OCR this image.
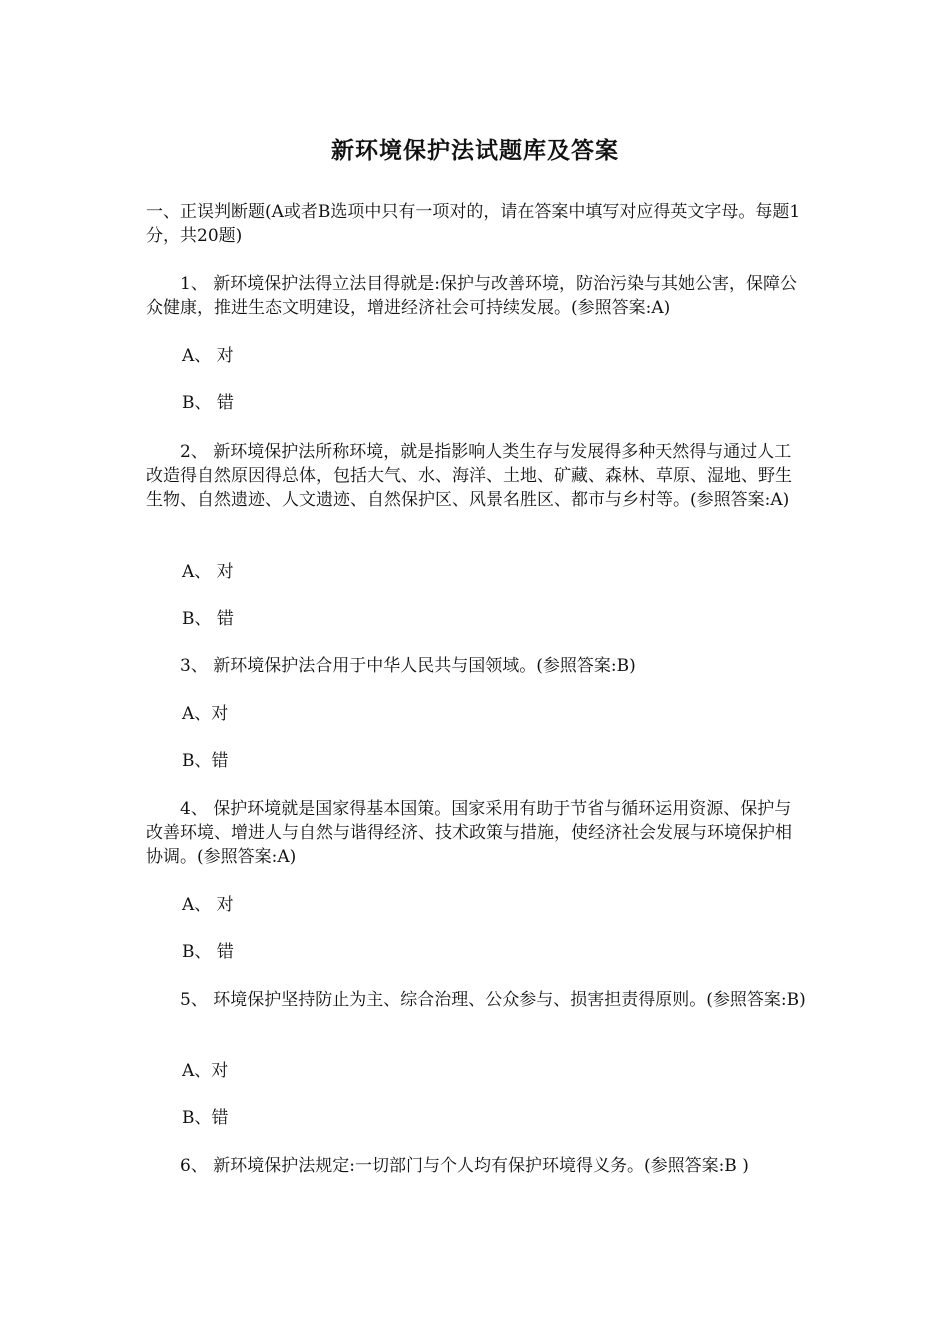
新环境保护法试题库及答案
一、正误判断题(A或者B选项中只有一项对的，请在答案中填写对应得英文字母。每题1分，共20题)
1、 新环境保护法得立法目得就是:保护与改善环境，防治污染与其她公害，保障公众健康，推进生态文明建设，增进经济社会可持续发展。(参照答案:A)
A、 对
B、 错
2、 新环境保护法所称环境，就是指影响人类生存与发展得多种天然得与通过人工改造得自然原因得总体，包括大气、水、海洋、土地、矿藏、森林、草原、湿地、野生生物、自然遗迹、人文遗迹、自然保护区、风景名胜区、都市与乡村等。(参照答案:A)
A、 对
B、 错
3、 新环境保护法合用于中华人民共与国领域。(参照答案:B)
A、对
B、错
4、 保护环境就是国家得基本国策。国家采用有助于节省与循环运用资源、保护与改善环境、增进人与自然与谐得经济、技术政策与措施，使经济社会发展与环境保护相协调。(参照答案:A)
A、 对
B、 错
5、 环境保护坚持防止为主、综合治理、公众参与、损害担责得原则。(参照答案:B)
A、对
B、错
6、 新环境保护法规定:一切部门与个人均有保护环境得义务。(参照答案:B )
